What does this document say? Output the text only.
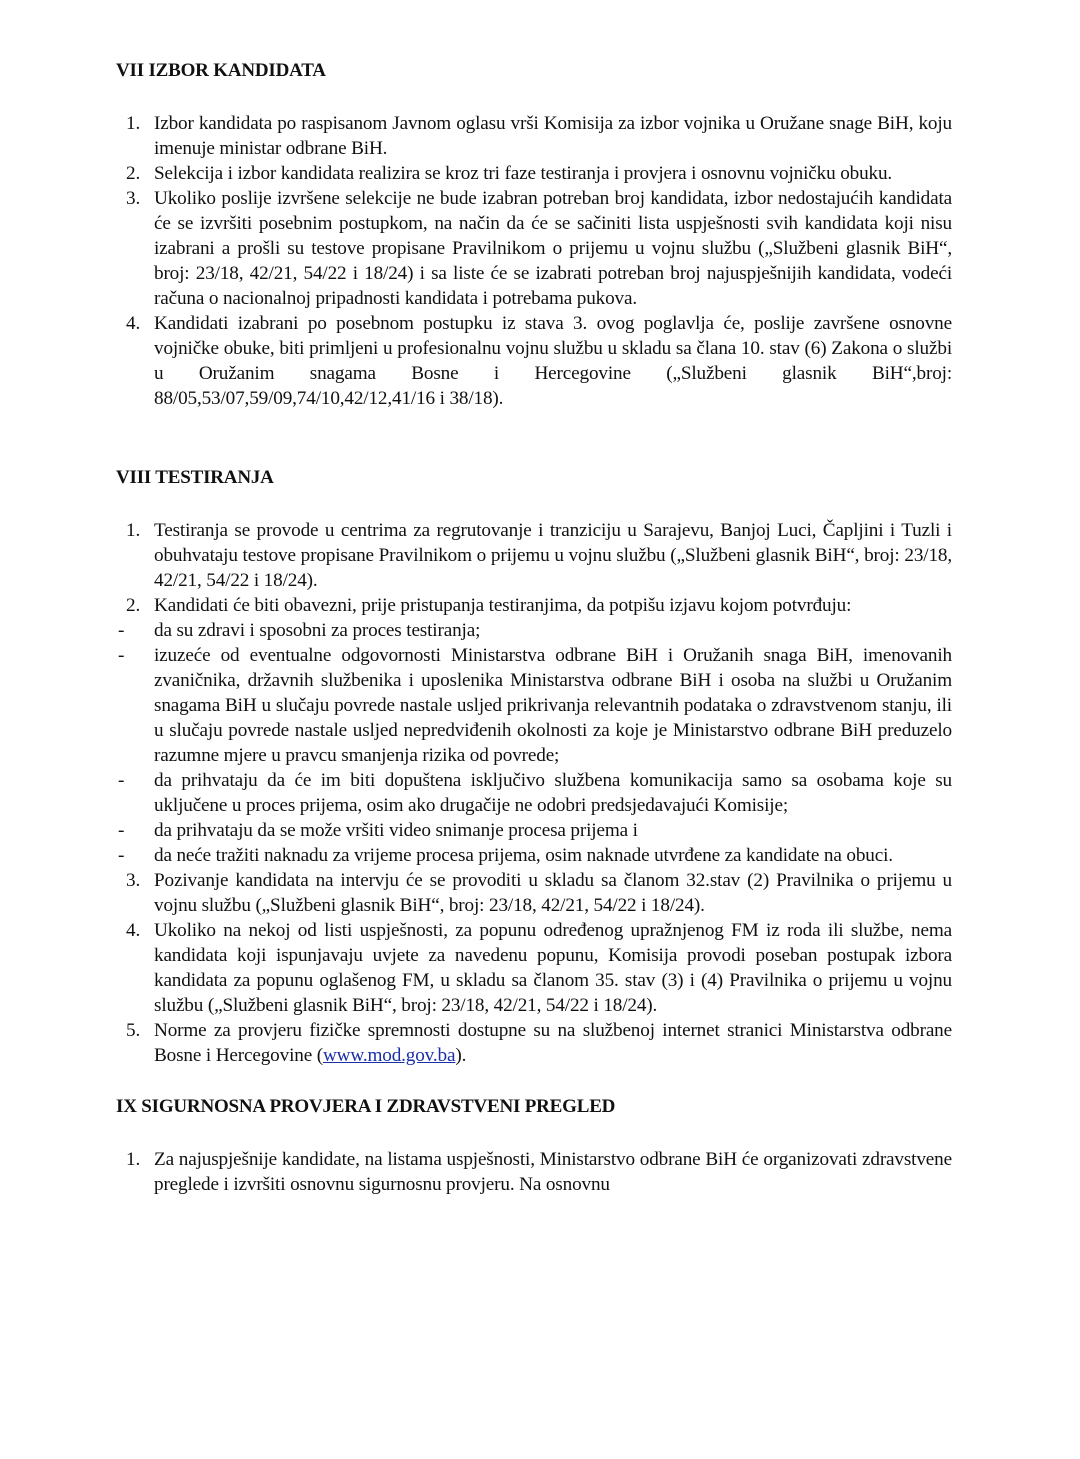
VII IZBOR KANDIDATA
1. Izbor kandidata po raspisanom Javnom oglasu vrši Komisija za izbor vojnika u Oružane snage BiH, koju imenuje ministar odbrane BiH.
2. Selekcija i izbor kandidata realizira se kroz tri faze testiranja i provjera i osnovnu vojničku obuku.
3. Ukoliko poslije izvršene selekcije ne bude izabran potreban broj kandidata, izbor nedostajućih kandidata će se izvršiti posebnim postupkom, na način da će se sačiniti lista uspješnosti svih kandidata koji nisu izabrani a prošli su testove propisane Pravilnikom o prijemu u vojnu službu („Službeni glasnik BiH“, broj: 23/18, 42/21, 54/22 i 18/24) i sa liste će se izabrati potreban broj najuspješnijih kandidata, vodeći računa o nacionalnoj pripadnosti kandidata i potrebama pukova.
4. Kandidati izabrani po posebnom postupku iz stava 3. ovog poglavlja će, poslije završene osnovne vojničke obuke, biti primljeni u profesionalnu vojnu službu u skladu sa člana 10. stav (6) Zakona o službi u Oružanim snagama Bosne i Hercegovine („Službeni glasnik BiH“,broj: 88/05,53/07,59/09,74/10,42/12,41/16 i 38/18).
VIII TESTIRANJA
1. Testiranja se provode u centrima za regrutovanje i tranziciju u Sarajevu, Banjoj Luci, Čapljini i Tuzli i obuhvataju testove propisane Pravilnikom o prijemu u vojnu službu („Službeni glasnik BiH“, broj: 23/18, 42/21, 54/22 i 18/24).
2. Kandidati će biti obavezni, prije pristupanja testiranjima, da potpišu izjavu kojom potvrđuju:
- da su zdravi i sposobni za proces testiranja;
- izuzeće od eventualne odgovornosti Ministarstva odbrane BiH i Oružanih snaga BiH, imenovanih zvaničnika, državnih službenika i uposlenika Ministarstva odbrane BiH i osoba na službi u Oružanim snagama BiH u slučaju povrede nastale usljed prikrivanja relevantnih podataka o zdravstvenom stanju, ili u slučaju povrede nastale usljed nepredviđenih okolnosti za koje je Ministarstvo odbrane BiH preduzelo razumne mjere u pravcu smanjenja rizika od povrede;
- da prihvataju da će im biti dopuštena isključivo službena komunikacija samo sa osobama koje su uključene u proces prijema, osim ako drugačije ne odobri predsjedavajući Komisije;
- da prihvataju da se može vršiti video snimanje procesa prijema i
- da neće tražiti naknadu za vrijeme procesa prijema, osim naknade utvrđene za kandidate na obuci.
3. Pozivanje kandidata na intervju će se provoditi u skladu sa članom 32.stav (2) Pravilnika o prijemu u vojnu službu („Službeni glasnik BiH“, broj: 23/18, 42/21, 54/22 i 18/24).
4. Ukoliko na nekoj od listi uspješnosti, za popunu određenog upražnjenog FM iz roda ili službe, nema kandidata koji ispunjavaju uvjete za navedenu popunu, Komisija provodi poseban postupak izbora kandidata za popunu oglašenog FM, u skladu sa članom 35. stav (3) i (4) Pravilnika o prijemu u vojnu službu („Službeni glasnik BiH“, broj: 23/18, 42/21, 54/22 i 18/24).
5. Norme za provjeru fizičke spremnosti dostupne su na službenoj internet stranici Ministarstva odbrane Bosne i Hercegovine (www.mod.gov.ba).
IX SIGURNOSNA PROVJERA I ZDRAVSTVENI PREGLED
1. Za najuspješnije kandidate, na listama uspješnosti, Ministarstvo odbrane BiH će organizovati zdravstvene preglede i izvršiti osnovnu sigurnosnu provjeru. Na osnovnu
